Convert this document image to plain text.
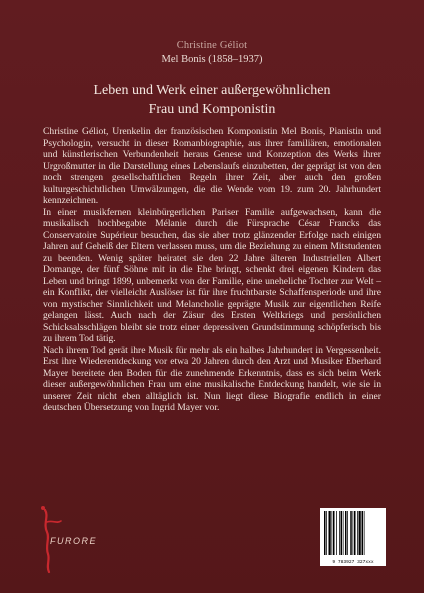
Christine Géliot
Mel Bonis (1858–1937)
Leben und Werk einer außergewöhnlichen
Frau und Komponistin

Christine Géliot, Urenkelin der französischen Komponistin Mel Bonis, Pianistin und Psychologin, versucht in dieser Romanbiographie, aus ihrer familiären, emotionalen und künstlerischen Verbundenheit heraus Genese und Konzeption des Werks ihrer Urgroßmutter in die Darstellung eines Lebenslaufs einzubetten, der geprägt ist von den noch strengen gesellschaftlichen Regeln ihrer Zeit, aber auch den großen kulturgeschichtlichen Umwälzungen, die die Wende vom 19. zum 20. Jahrhundert kennzeichnen.

In einer musikfernen kleinbürgerlichen Pariser Familie aufgewachsen, kann die musikalisch hochbegabte Mélanie durch die Fürsprache César Francks das Conservatoire Supérieur besuchen, das sie aber trotz glänzender Erfolge nach einigen Jahren auf Geheiß der Eltern verlassen muss, um die Beziehung zu einem Mitstudenten zu beenden. Wenig später heiratet sie den 22 Jahre älteren Industriellen Albert Domange, der fünf Söhne mit in die Ehe bringt, schenkt drei eigenen Kindern das Leben und bringt 1899, unbemerkt von der Familie, eine uneheliche Tochter zur Welt – ein Konflikt, der vielleicht Auslöser ist für ihre fruchtbarste Schaffensperiode und ihre von mystischer Sinnlichkeit und Melancholie geprägte Musik zur eigentlichen Reife gelangen lässt. Auch nach der Zäsur des Ersten Weltkriegs und persönlichen Schicksalsschlägen bleibt sie trotz einer depressiven Grundstimmung schöpferisch bis zu ihrem Tod tätig.

Nach ihrem Tod gerät ihre Musik für mehr als ein halbes Jahrhundert in Vergessenheit. Erst ihre Wiederentdeckung vor etwa 20 Jahren durch den Arzt und Musiker Eberhard Mayer bereitete den Boden für die zunehmende Erkenntnis, dass es sich beim Werk dieser außergewöhnlichen Frau um eine musikalische Entdeckung handelt, wie sie in unserer Zeit nicht eben alltäglich ist. Nun liegt diese Biografie endlich in einer deutschen Übersetzung von Ingrid Mayer vor.

FURORE
9 783927 327xxx
